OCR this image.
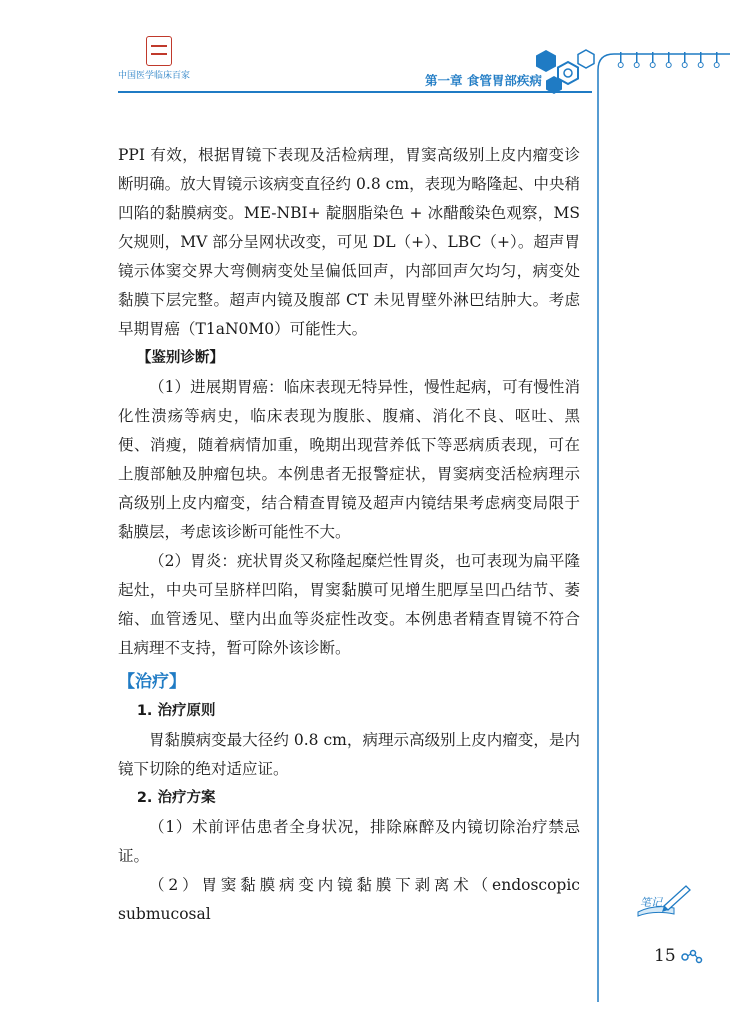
中国医学临床百家	第一章 食管胃部疾病

PPI 有效，根据胃镜下表现及活检病理，胃窦高级别上皮内瘤变诊断明确。放大胃镜示该病变直径约 0.8 cm，表现为略隆起、中央稍凹陷的黏膜病变。ME-NBI+ 靛胭脂染色 + 冰醋酸染色观察，MS 欠规则，MV 部分呈网状改变，可见 DL（+）、LBC（+）。超声胃镜示体窦交界大弯侧病变处呈偏低回声，内部回声欠均匀，病变处黏膜下层完整。超声内镜及腹部 CT 未见胃壁外淋巴结肿大。考虑早期胃癌（T1aN0M0）可能性大。

【鉴别诊断】

（1）进展期胃癌：临床表现无特异性，慢性起病，可有慢性消化性溃疡等病史，临床表现为腹胀、腹痛、消化不良、呕吐、黑便、消瘦，随着病情加重，晚期出现营养低下等恶病质表现，可在上腹部触及肿瘤包块。本例患者无报警症状，胃窦病变活检病理示高级别上皮内瘤变，结合精查胃镜及超声内镜结果考虑病变局限于黏膜层，考虑该诊断可能性不大。

（2）胃炎：疣状胃炎又称隆起糜烂性胃炎，也可表现为扁平隆起灶，中央可呈脐样凹陷，胃窦黏膜可见增生肥厚呈凹凸结节、萎缩、血管透见、壁内出血等炎症性改变。本例患者精查胃镜不符合且病理不支持，暂可除外该诊断。

【治疗】

1. 治疗原则

胃黏膜病变最大径约 0.8 cm，病理示高级别上皮内瘤变，是内镜下切除的绝对适应证。

2. 治疗方案

（1）术前评估患者全身状况，排除麻醉及内镜切除治疗禁忌证。

（2）胃窦黏膜病变内镜黏膜下剥离术（endoscopic submucosal

笔记
15
